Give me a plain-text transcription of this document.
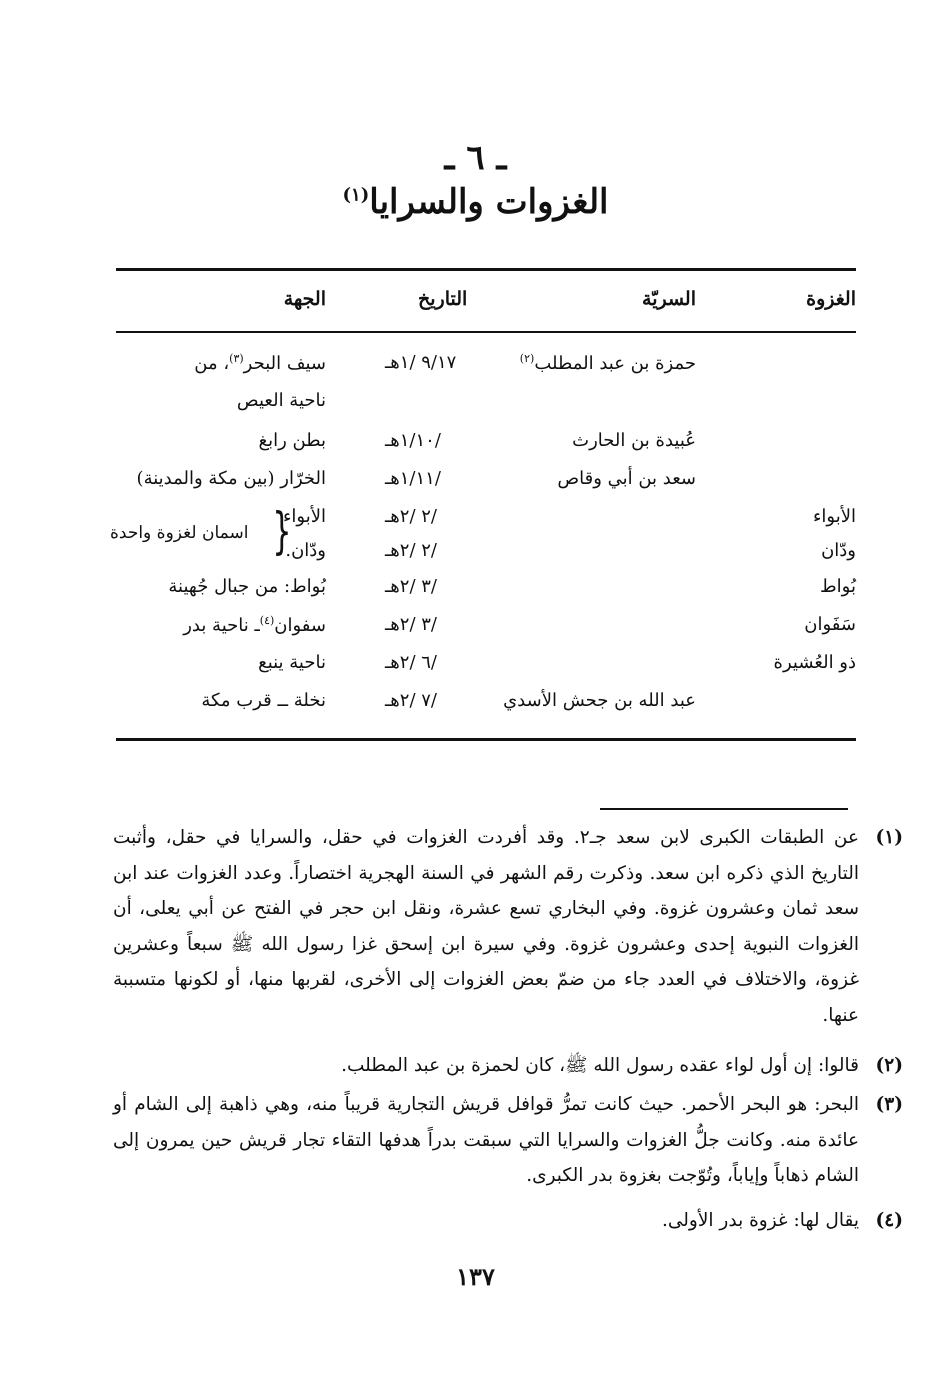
ـ ٦ ـ
الغزوات والسرايا$^{(١)}$
الغزوة
السريّة
التاريخ
الجهة
حمزة بن عبد المطلب$^{(٢)}$
٩/١٧ /١هـ
سيف البحر$^{(٣)}$، من
ناحية العيص
عُبيدة بن الحارث
/١/١٠هـ
بطن رابغ
سعد بن أبي وقاص
/١/١١هـ
الخرّار (بين مكة والمدينة)
الأبواء
/٢ /٢هـ
الأبواء
ودّان
/٢ /٢هـ
ودّان.
{
اسمان لغزوة واحدة
بُواط
/٣ /٢هـ
بُواط: من جبال جُهينة
سَفَوان
/٣ /٢هـ
سفوان$^{(٤)}$ـ ناحية بدر
ذو العُشيرة
/٦ /٢هـ
ناحية ينبع
عبد الله بن جحش الأسدي
/٧ /٢هـ
نخلة ــ قرب مكة
(١)
عن الطبقات الكبرى لابن سعد جـ٢. وقد أفردت الغزوات في حقل، والسرايا في حقل، وأثبت التاريخ الذي ذكره ابن سعد. وذكرت رقم الشهر في السنة الهجرية اختصاراً. وعدد الغزوات عند ابن سعد ثمان وعشرون غزوة. وفي البخاري تسع عشرة، ونقل ابن حجر في الفتح عن أبي يعلى، أن الغزوات النبوية إحدى وعشرون غزوة. وفي سيرة ابن إسحق غزا رسول الله ﷺ سبعاً وعشرين غزوة، والاختلاف في العدد جاء من ضمّ بعض الغزوات إلى الأخرى، لقربها منها، أو لكونها متسببة عنها.
(٢)
قالوا: إن أول لواء عقده رسول الله ﷺ، كان لحمزة بن عبد المطلب.
(٣)
البحر: هو البحر الأحمر. حيث كانت تمرُّ قوافل قريش التجارية قريباً منه، وهي ذاهبة إلى الشام أو عائدة منه. وكانت جلُّ الغزوات والسرايا التي سبقت بدراً هدفها التقاء تجار قريش حين يمرون إلى الشام ذهاباً وإياباً، وتُوّجت بغزوة بدر الكبرى.
(٤)
يقال لها: غزوة بدر الأولى.
١٣٧
